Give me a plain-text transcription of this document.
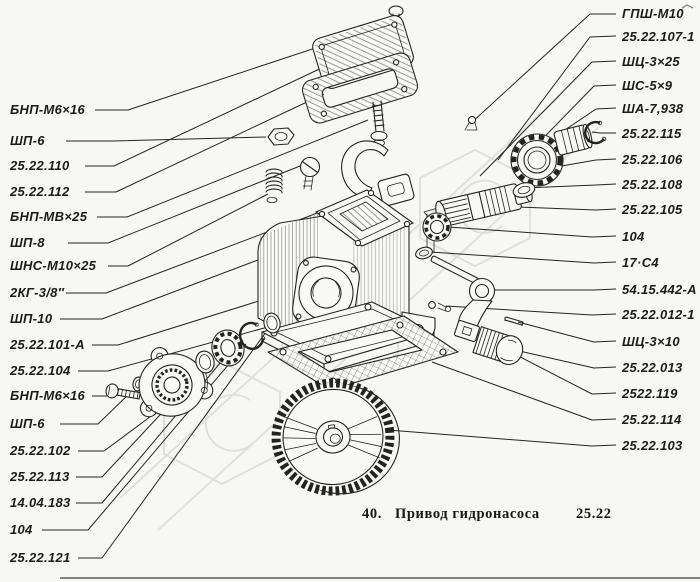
БНП-М6×16
ШП-6
25.22.110
25.22.112
БНП-МВ×25
ШП-8
ШНС-М10×25
2КГ-3/8″
ШП-10
25.22.101-А
25.22.104
БНП-М6×16
ШП-6
25.22.102
25.22.113
14.04.183
104
25.22.121
ГПШ-М10
25.22.107-1
ШЦ-3×25
ШС-5×9
ША-7,938
25.22.115
25.22.106
25.22.108
25.22.105
104
17·С4
54.15.442-А
25.22.012-1
ШЦ-3×10
25.22.013
2522.119
25.22.114
25.22.103
40. Привод гидронасоса 25.22
